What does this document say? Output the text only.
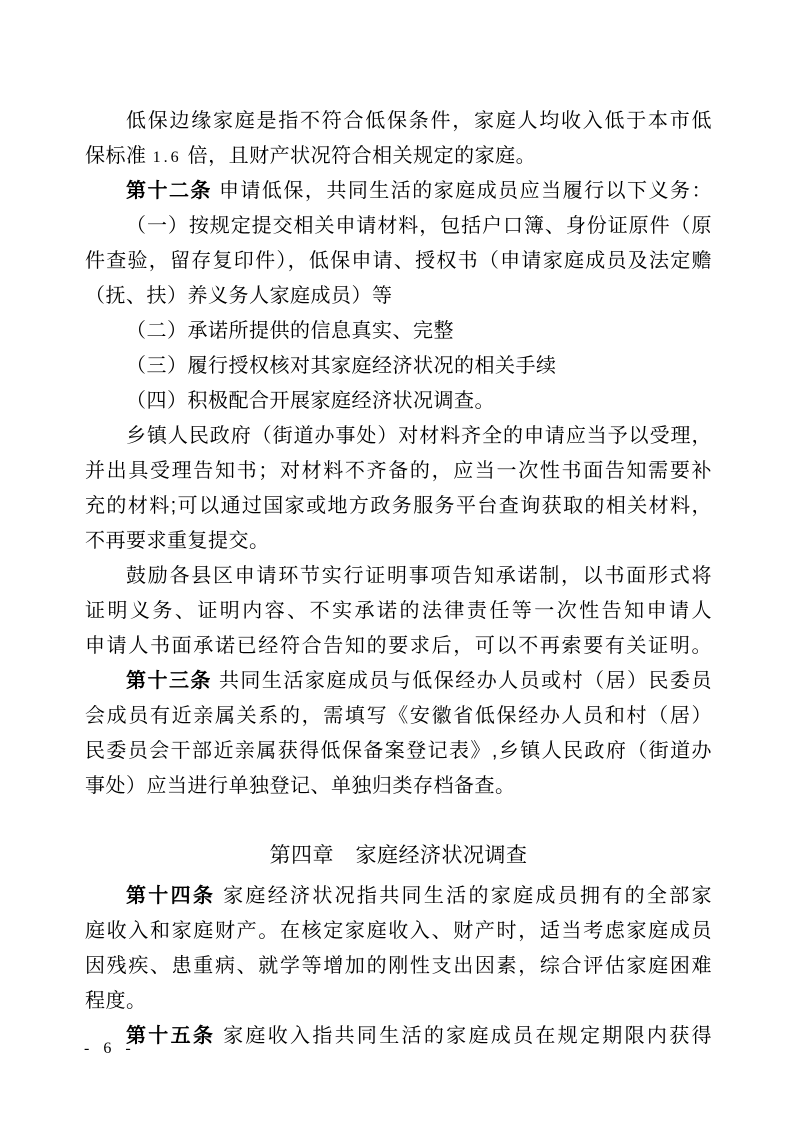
低保边缘家庭是指不符合低保条件，家庭人均收入低于本市低
保标准 1.6 倍，且财产状况符合相关规定的家庭。
第十二条 申请低保，共同生活的家庭成员应当履行以下义务：
（一）按规定提交相关申请材料，包括户口簿、身份证原件（原
件查验，留存复印件），低保申请、授权书（申请家庭成员及法定赡
（抚、扶）养义务人家庭成员）等
（二）承诺所提供的信息真实、完整
（三）履行授权核对其家庭经济状况的相关手续
（四）积极配合开展家庭经济状况调查。
乡镇人民政府（街道办事处）对材料齐全的申请应当予以受理，
并出具受理告知书；对材料不齐备的，应当一次性书面告知需要补
充的材料;可以通过国家或地方政务服务平台查询获取的相关材料，
不再要求重复提交。
鼓励各县区申请环节实行证明事项告知承诺制，以书面形式将
证明义务、证明内容、不实承诺的法律责任等一次性告知申请人
申请人书面承诺已经符合告知的要求后，可以不再索要有关证明。
第十三条 共同生活家庭成员与低保经办人员或村（居）民委员
会成员有近亲属关系的，需填写《安徽省低保经办人员和村（居）
民委员会干部近亲属获得低保备案登记表》,乡镇人民政府（街道办
事处）应当进行单独登记、单独归类存档备查。
第四章　家庭经济状况调查
第十四条 家庭经济状况指共同生活的家庭成员拥有的全部家
庭收入和家庭财产。在核定家庭收入、财产时，适当考虑家庭成员
因残疾、患重病、就学等增加的刚性支出因素，综合评估家庭困难
程度。
第十五条 家庭收入指共同生活的家庭成员在规定期限内获得
- 6 -
